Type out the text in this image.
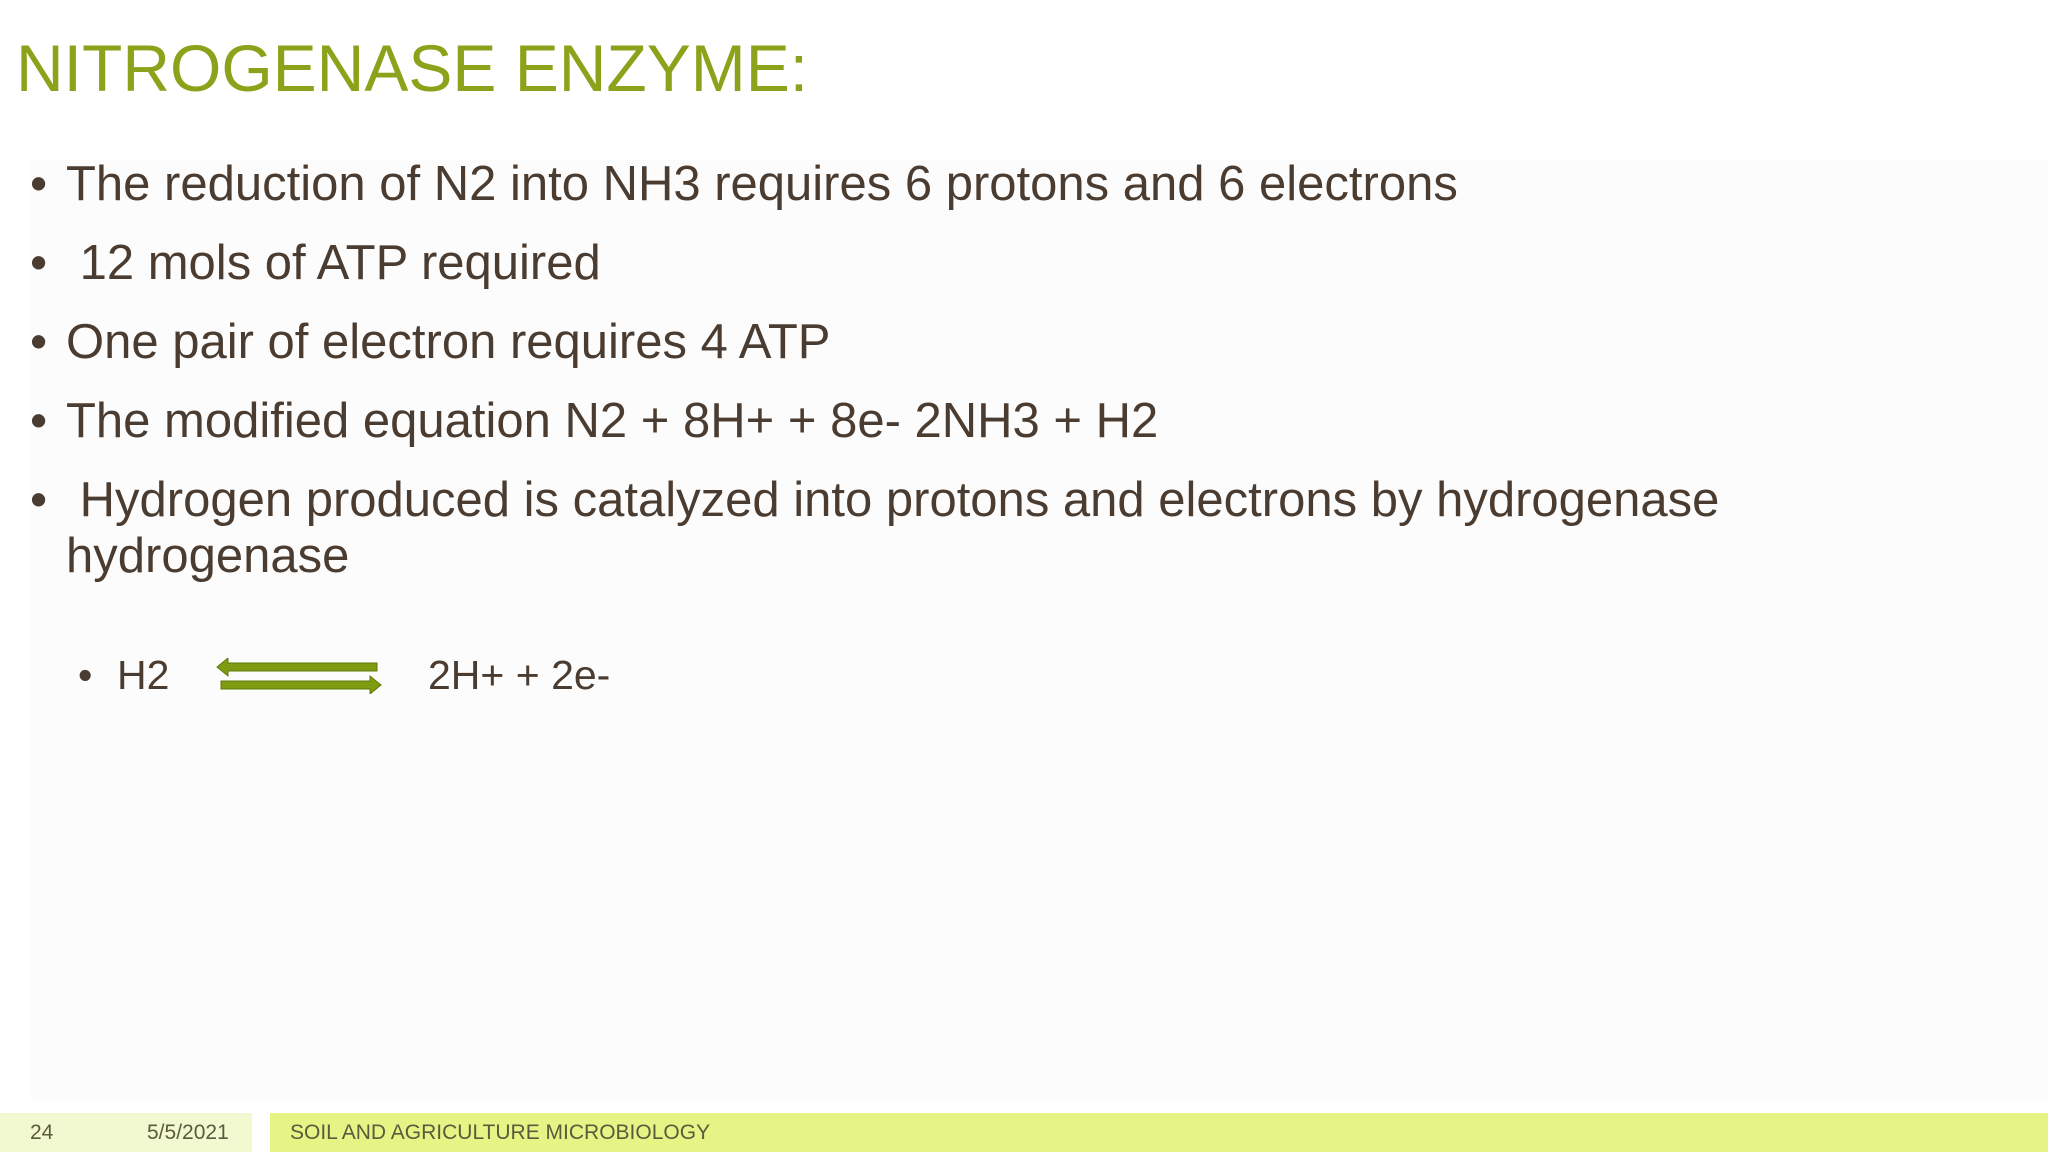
NITROGENASE ENZYME:
• The reduction of N2 into NH3 requires 6 protons and 6 electrons
• 12 mols of ATP required
• One pair of electron requires 4 ATP
• The modified equation N2 + 8H+ + 8e- 2NH3 + H2
• Hydrogen produced is catalyzed into protons and electrons by hydrogenase hydrogenase
• H2	2H+ + 2e-
24	5/5/2021	SOIL AND AGRICULTURE MICROBIOLOGY
